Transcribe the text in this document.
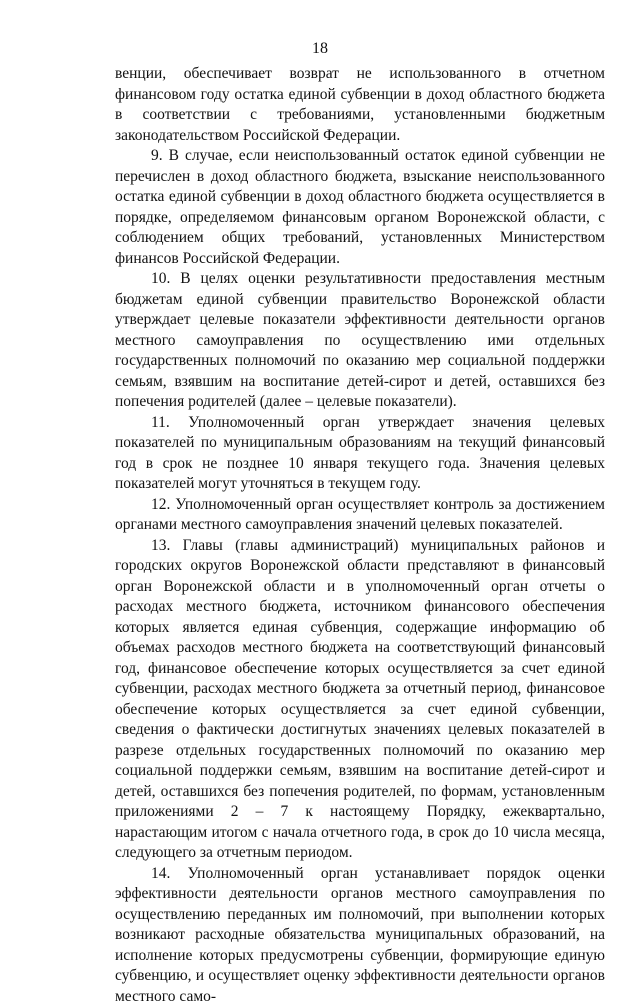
18

венции, обеспечивает возврат не использованного в отчетном финансовом году остатка единой субвенции в доход областного бюджета в соответствии с требованиями, установленными бюджетным законодательством Российской Федерации.

9. В случае, если неиспользованный остаток единой субвенции не перечислен в доход областного бюджета, взыскание неиспользованного остатка единой субвенции в доход областного бюджета осуществляется в порядке, определяемом финансовым органом Воронежской области, с соблюдением общих требований, установленных Министерством финансов Российской Федерации.

10. В целях оценки результативности предоставления местным бюджетам единой субвенции правительство Воронежской области утверждает целевые показатели эффективности деятельности органов местного самоуправления по осуществлению ими отдельных государственных полномочий по оказанию мер социальной поддержки семьям, взявшим на воспитание детей-сирот и детей, оставшихся без попечения родителей (далее – целевые показатели).

11. Уполномоченный орган утверждает значения целевых показателей по муниципальным образованиям на текущий финансовый год в срок не позднее 10 января текущего года. Значения целевых показателей могут уточняться в текущем году.

12. Уполномоченный орган осуществляет контроль за достижением органами местного самоуправления значений целевых показателей.

13. Главы (главы администраций) муниципальных районов и городских округов Воронежской области представляют в финансовый орган Воронежской области и в уполномоченный орган отчеты о расходах местного бюджета, источником финансового обеспечения которых является единая субвенция, содержащие информацию об объемах расходов местного бюджета на соответствующий финансовый год, финансовое обеспечение которых осуществляется за счет единой субвенции, расходах местного бюджета за отчетный период, финансовое обеспечение которых осуществляется за счет единой субвенции, сведения о фактически достигнутых значениях целевых показателей в разрезе отдельных государственных полномочий по оказанию мер социальной поддержки семьям, взявшим на воспитание детей-сирот и детей, оставшихся без попечения родителей, по формам, установленным приложениями 2 – 7 к настоящему Порядку, ежеквартально, нарастающим итогом с начала отчетного года, в срок до 10 числа месяца, следующего за отчетным периодом.

14. Уполномоченный орган устанавливает порядок оценки эффективности деятельности органов местного самоуправления по осуществлению переданных им полномочий, при выполнении которых возникают расходные обязательства муниципальных образований, на исполнение которых предусмотрены субвенции, формирующие единую субвенцию, и осуществляет оценку эффективности деятельности органов местного само-
